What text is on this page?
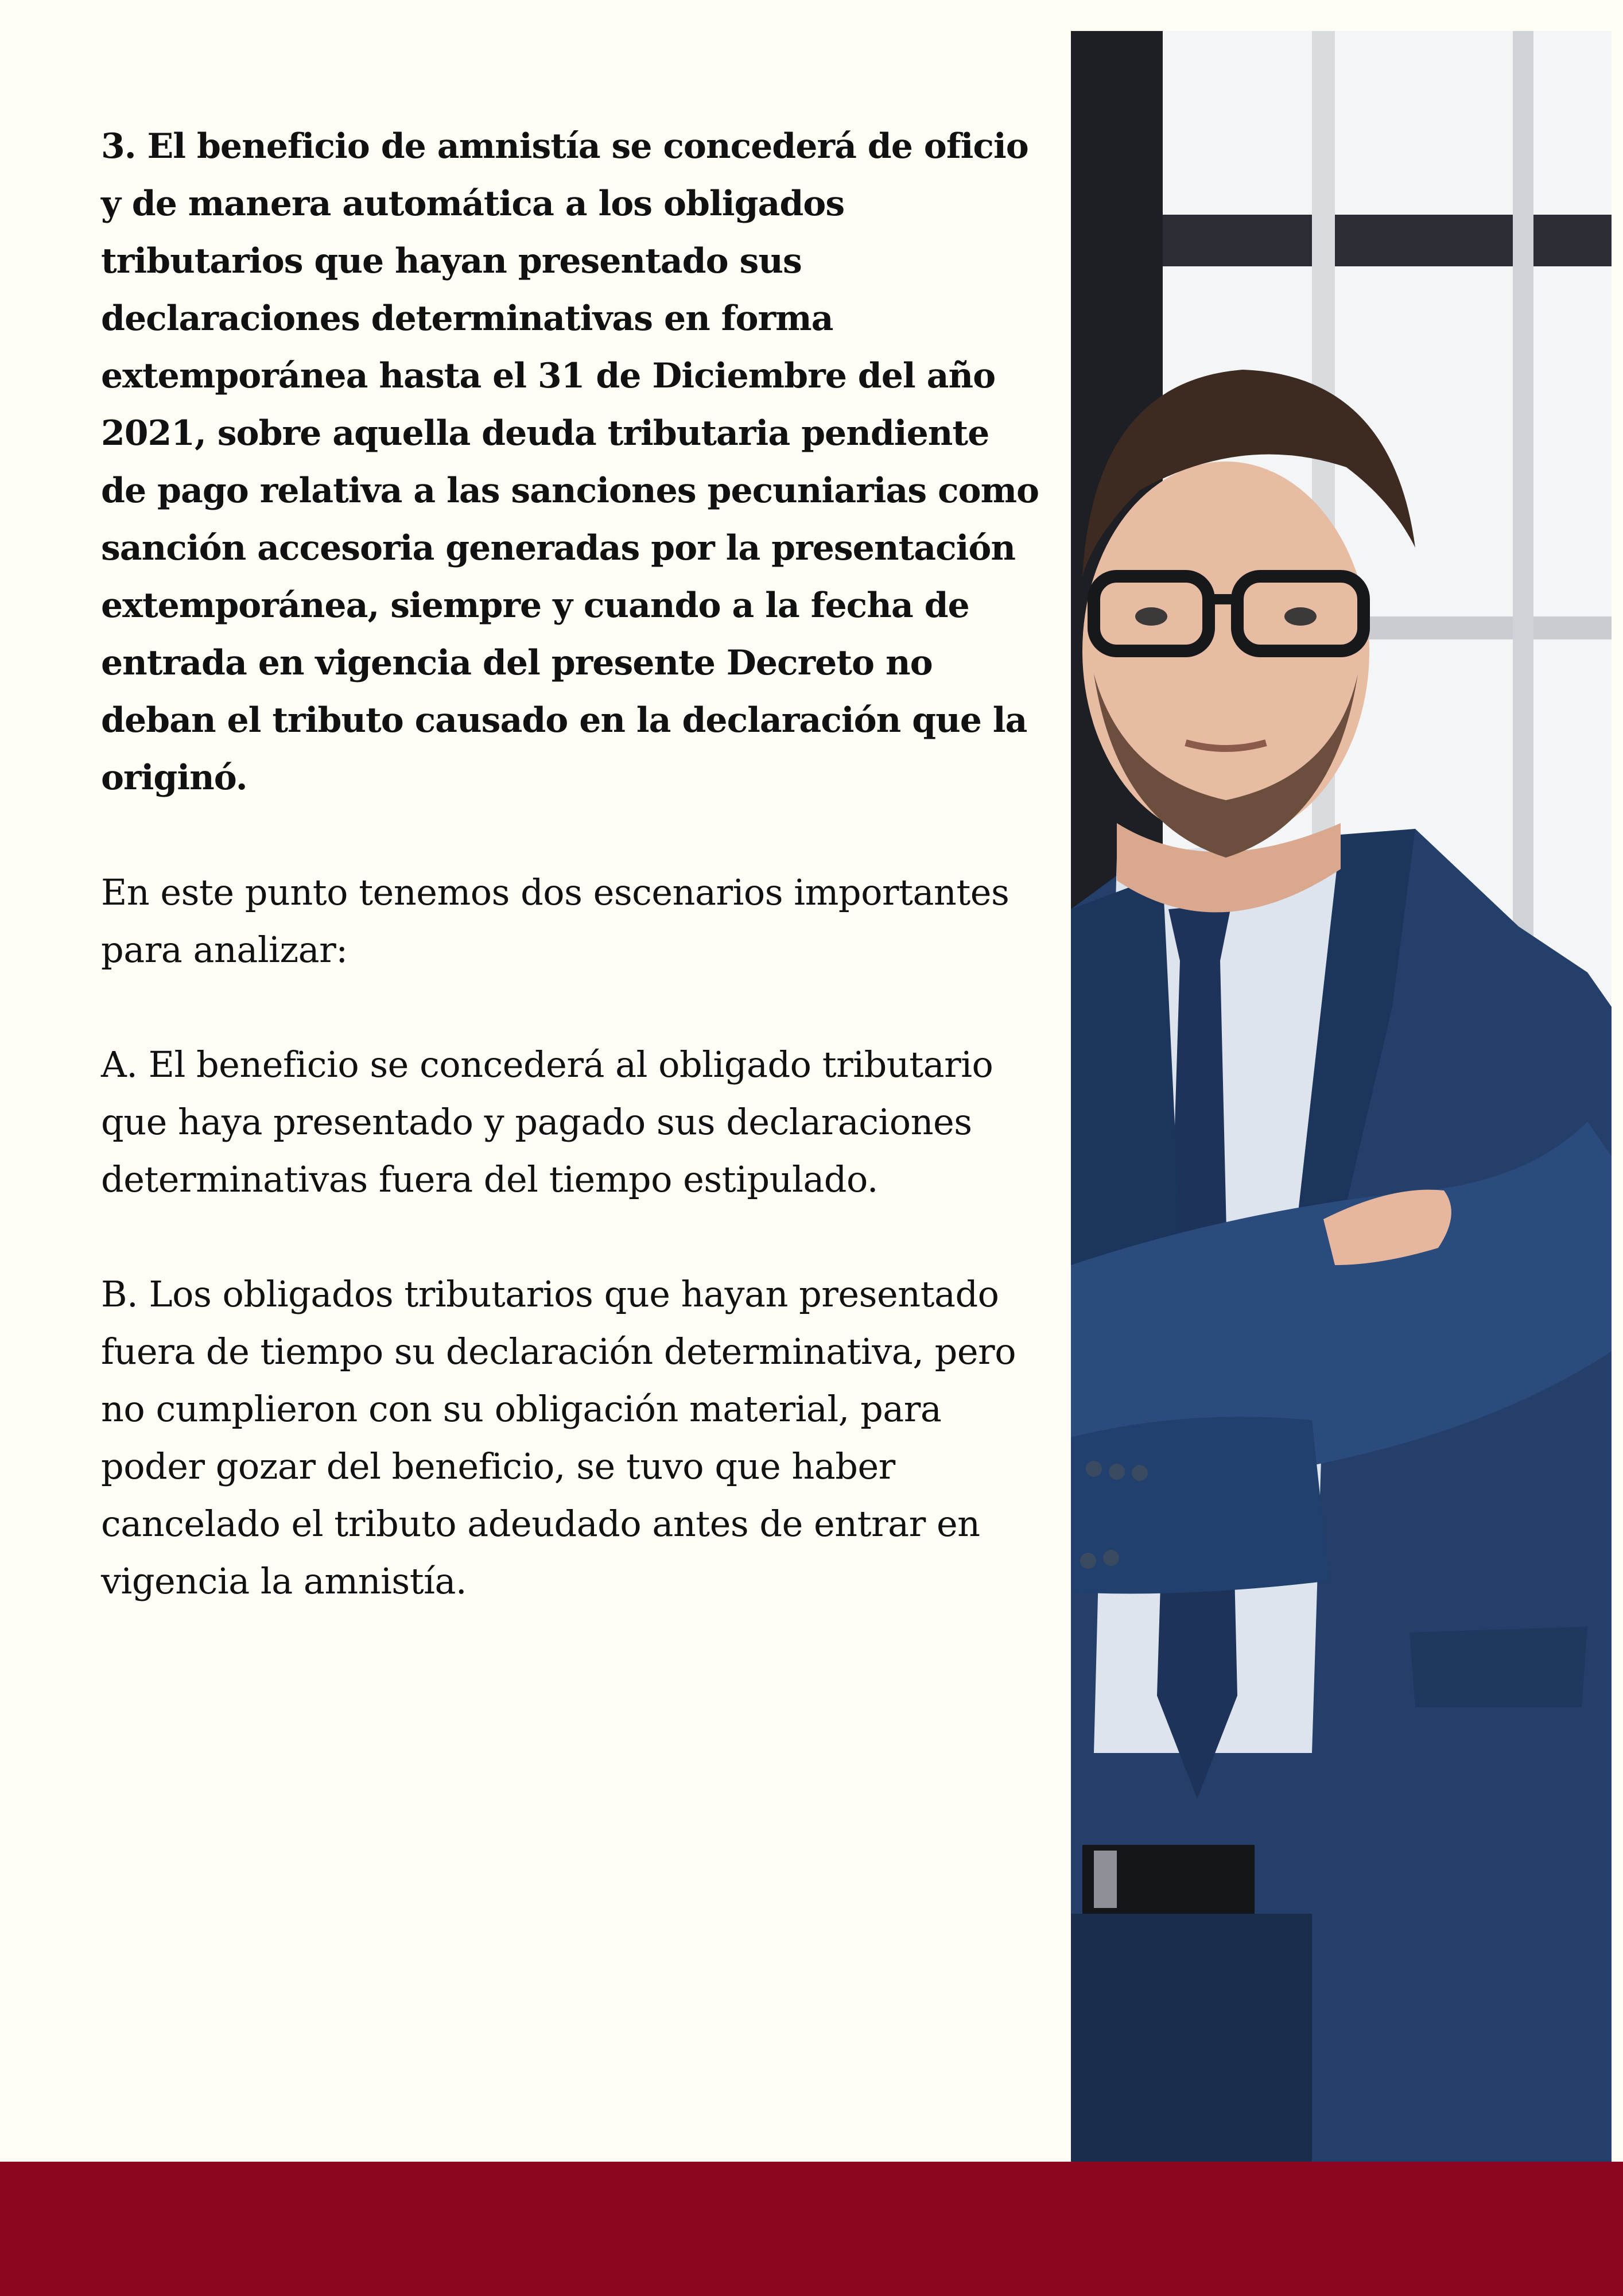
3. El beneficio de amnistía se concederá de oficio y de manera automática a los obligados tributarios que hayan presentado sus declaraciones determinativas en forma extemporánea hasta el 31 de Diciembre del año 2021, sobre aquella deuda tributaria pendiente de pago relativa a las sanciones pecuniarias como sanción accesoria generadas por la presentación extemporánea, siempre y cuando a la fecha de entrada en vigencia del presente Decreto no deban el tributo causado en la declaración que la originó.

En este punto tenemos dos escenarios importantes para analizar:

A. El beneficio se concederá al obligado tributario que haya presentado y pagado sus declaraciones determinativas fuera del tiempo estipulado.

B. Los obligados tributarios que hayan presentado fuera de tiempo su declaración determinativa, pero no cumplieron con su obligación material, para poder gozar del beneficio, se tuvo que haber cancelado el tributo adeudado antes de entrar en vigencia la amnistía.
